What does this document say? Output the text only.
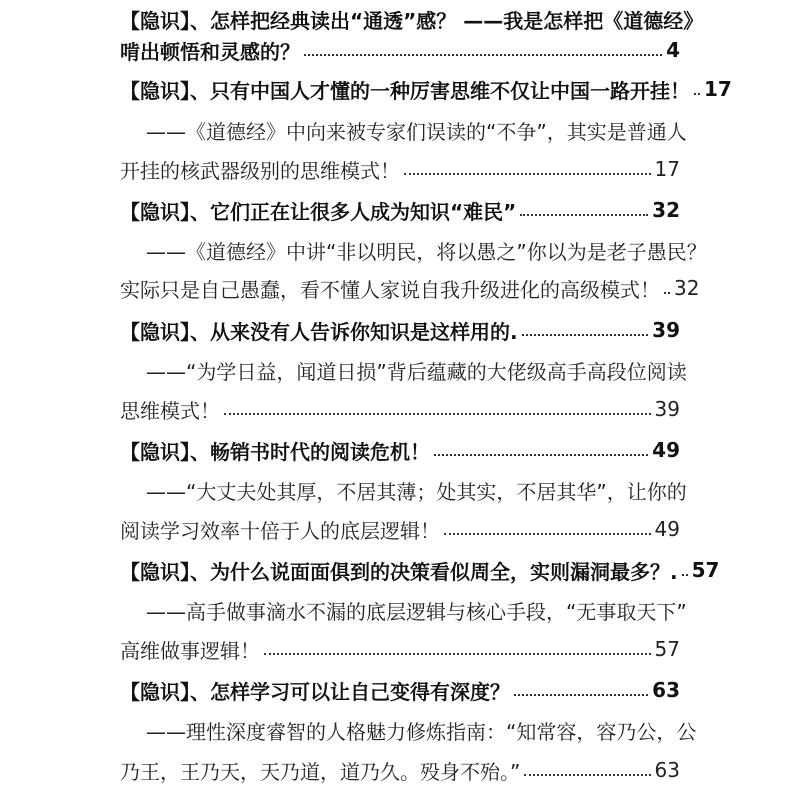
【隐识】、怎样把经典读出“通透”感？ ——我是怎样把《道德经》
啃出顿悟和灵感的？	4
【隐识】、只有中国人才懂的一种厉害思维不仅让中国一路开挂！ 17
——《道德经》中向来被专家们误读的“不争”，其实是普通人
开挂的核武器级别的思维模式！	17
【隐识】、它们正在让很多人成为知识“难民”	32
——《道德经》中讲“非以明民，将以愚之”你以为是老子愚民？
实际只是自己愚蠢，看不懂人家说自我升级进化的高级模式！ 32
【隐识】、从来没有人告诉你知识是这样用的.	39
——“为学日益，闻道日损”背后蕴藏的大佬级高手高段位阅读
思维模式！	39
【隐识】、畅销书时代的阅读危机！	49
——“大丈夫处其厚，不居其薄；处其实，不居其华”，让你的
阅读学习效率十倍于人的底层逻辑！	49
【隐识】、为什么说面面俱到的决策看似周全，实则漏洞最多？. 57
——高手做事滴水不漏的底层逻辑与核心手段，“无事取天下”
高维做事逻辑！	57
【隐识】、怎样学习可以让自己变得有深度？	63
——理性深度睿智的人格魅力修炼指南：“知常容，容乃公，公
乃王，王乃天，天乃道，道乃久。殁身不殆。”	63
